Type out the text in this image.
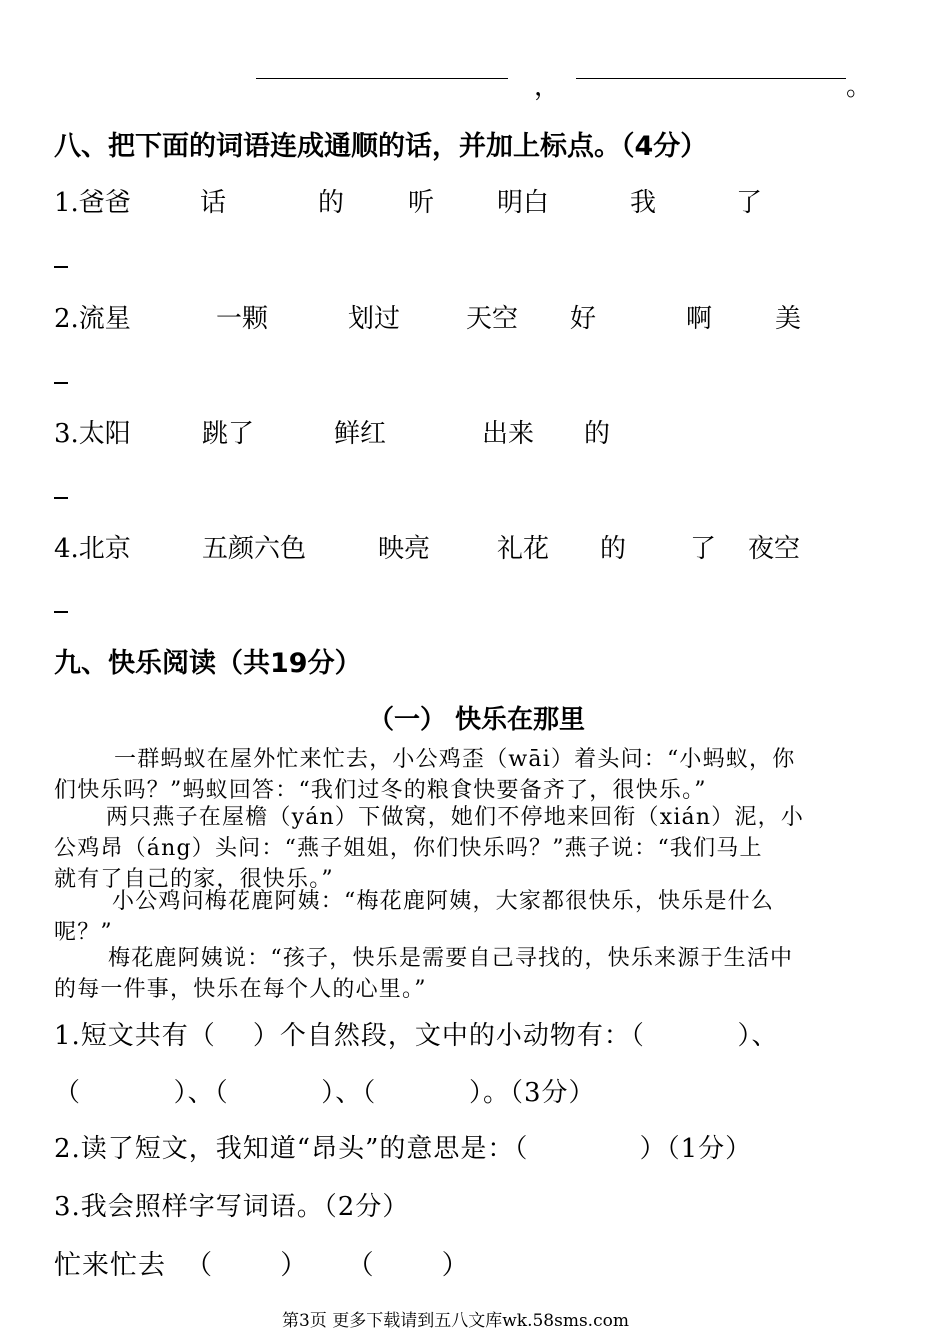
，	。
八、把下面的词语连成通顺的话，并加上标点。（4分）
1.爸爸	话	的 听 明白	我	了
2.流星	一颗	划过	天空 好	啊 美
3.太阳	跳了	鲜红	出来 的
4.北京	五颜六色	映亮	礼花 的 了 夜空
九、快乐阅读（共19分）
（一） 快乐在那里
一群蚂蚁在屋外忙来忙去，小公鸡歪（wāi）着头问：“小蚂蚁，你
们快乐吗？”蚂蚁回答：“我们过冬的粮食快要备齐了，很快乐。”
两只燕子在屋檐（yán）下做窝，她们不停地来回衔（xián）泥，小
公鸡昂（áng）头问：“燕子姐姐，你们快乐吗？”燕子说：“我们马上
就有了自己的家，很快乐。”
小公鸡问梅花鹿阿姨：“梅花鹿阿姨，大家都很快乐，快乐是什么
呢？”
梅花鹿阿姨说：“孩子，快乐是需要自己寻找的，快乐来源于生活中
的每一件事，快乐在每个人的心里。”
1.短文共有（    ）个自然段，文中的小动物有：（          ）、
（          ）、（          ）、（          ）。（3分）
2.读了短文，我知道“昂头”的意思是：（            ）（1分）
3.我会照样字写词语。（2分）
忙来忙去  （       ）    （       ）
第3页 更多下载请到五八文库wk.58sms.com
